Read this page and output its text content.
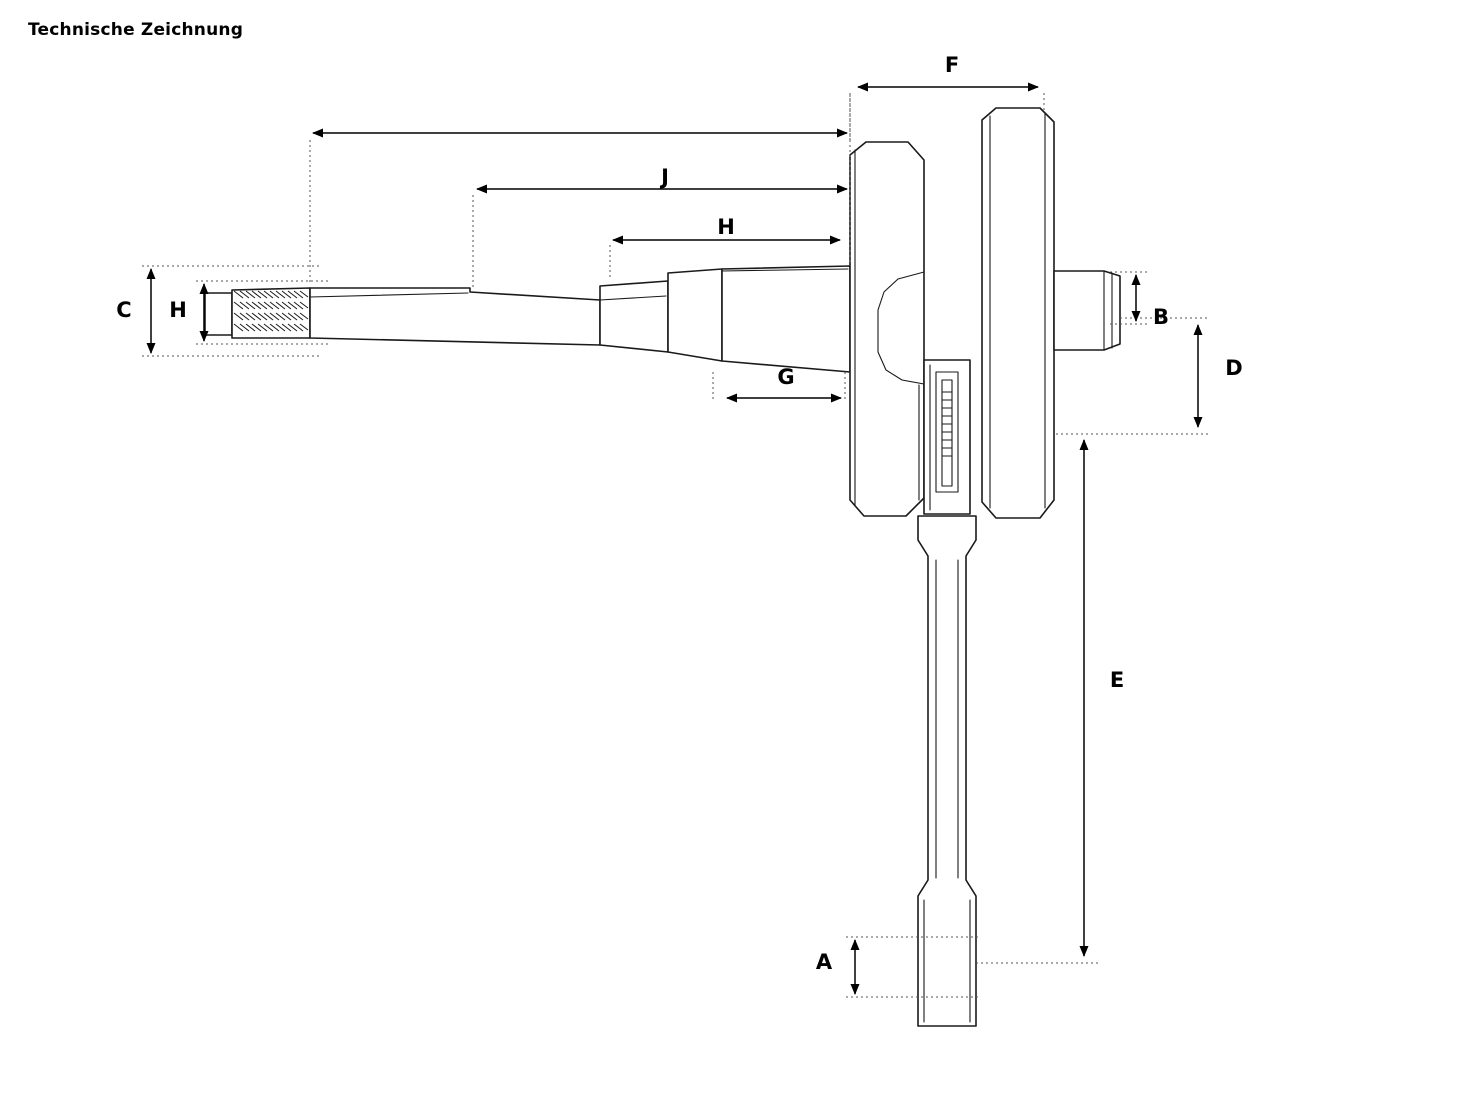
Technische Zeichnung
J
H
G
C H
F
B
D
E
A
